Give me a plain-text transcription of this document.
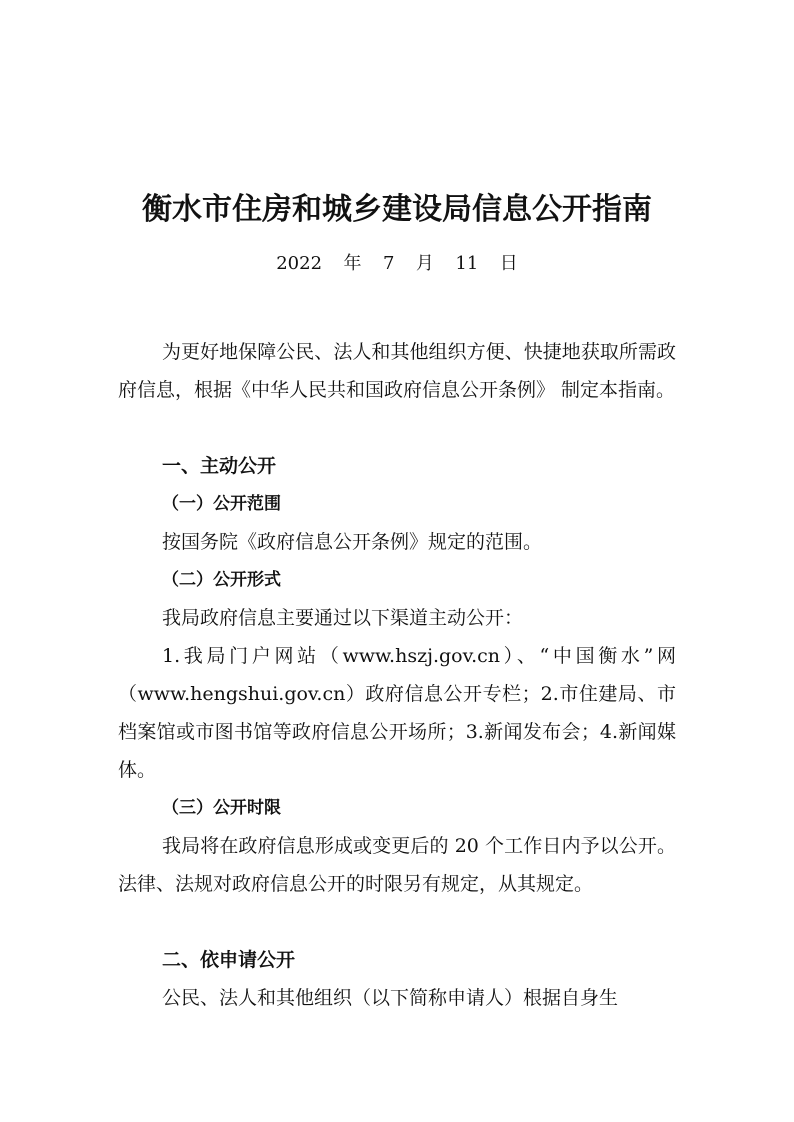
衡水市住房和城乡建设局信息公开指南

2022 年 7 月 11 日

为更好地保障公民、法人和其他组织方便、快捷地获取所需政府信息，根据《中华人民共和国政府信息公开条例》 制定本指南。

一、主动公开

（一）公开范围

按国务院《政府信息公开条例》规定的范围。

（二）公开形式

我局政府信息主要通过以下渠道主动公开：

1.我局门户网站（www.hszj.gov.cn）、“中国衡水”网（www.hengshui.gov.cn）政府信息公开专栏；2.市住建局、市档案馆或市图书馆等政府信息公开场所；3.新闻发布会；4.新闻媒体。

（三）公开时限

我局将在政府信息形成或变更后的 20 个工作日内予以公开。法律、法规对政府信息公开的时限另有规定，从其规定。

二、依申请公开

公民、法人和其他组织（以下简称申请人）根据自身生
